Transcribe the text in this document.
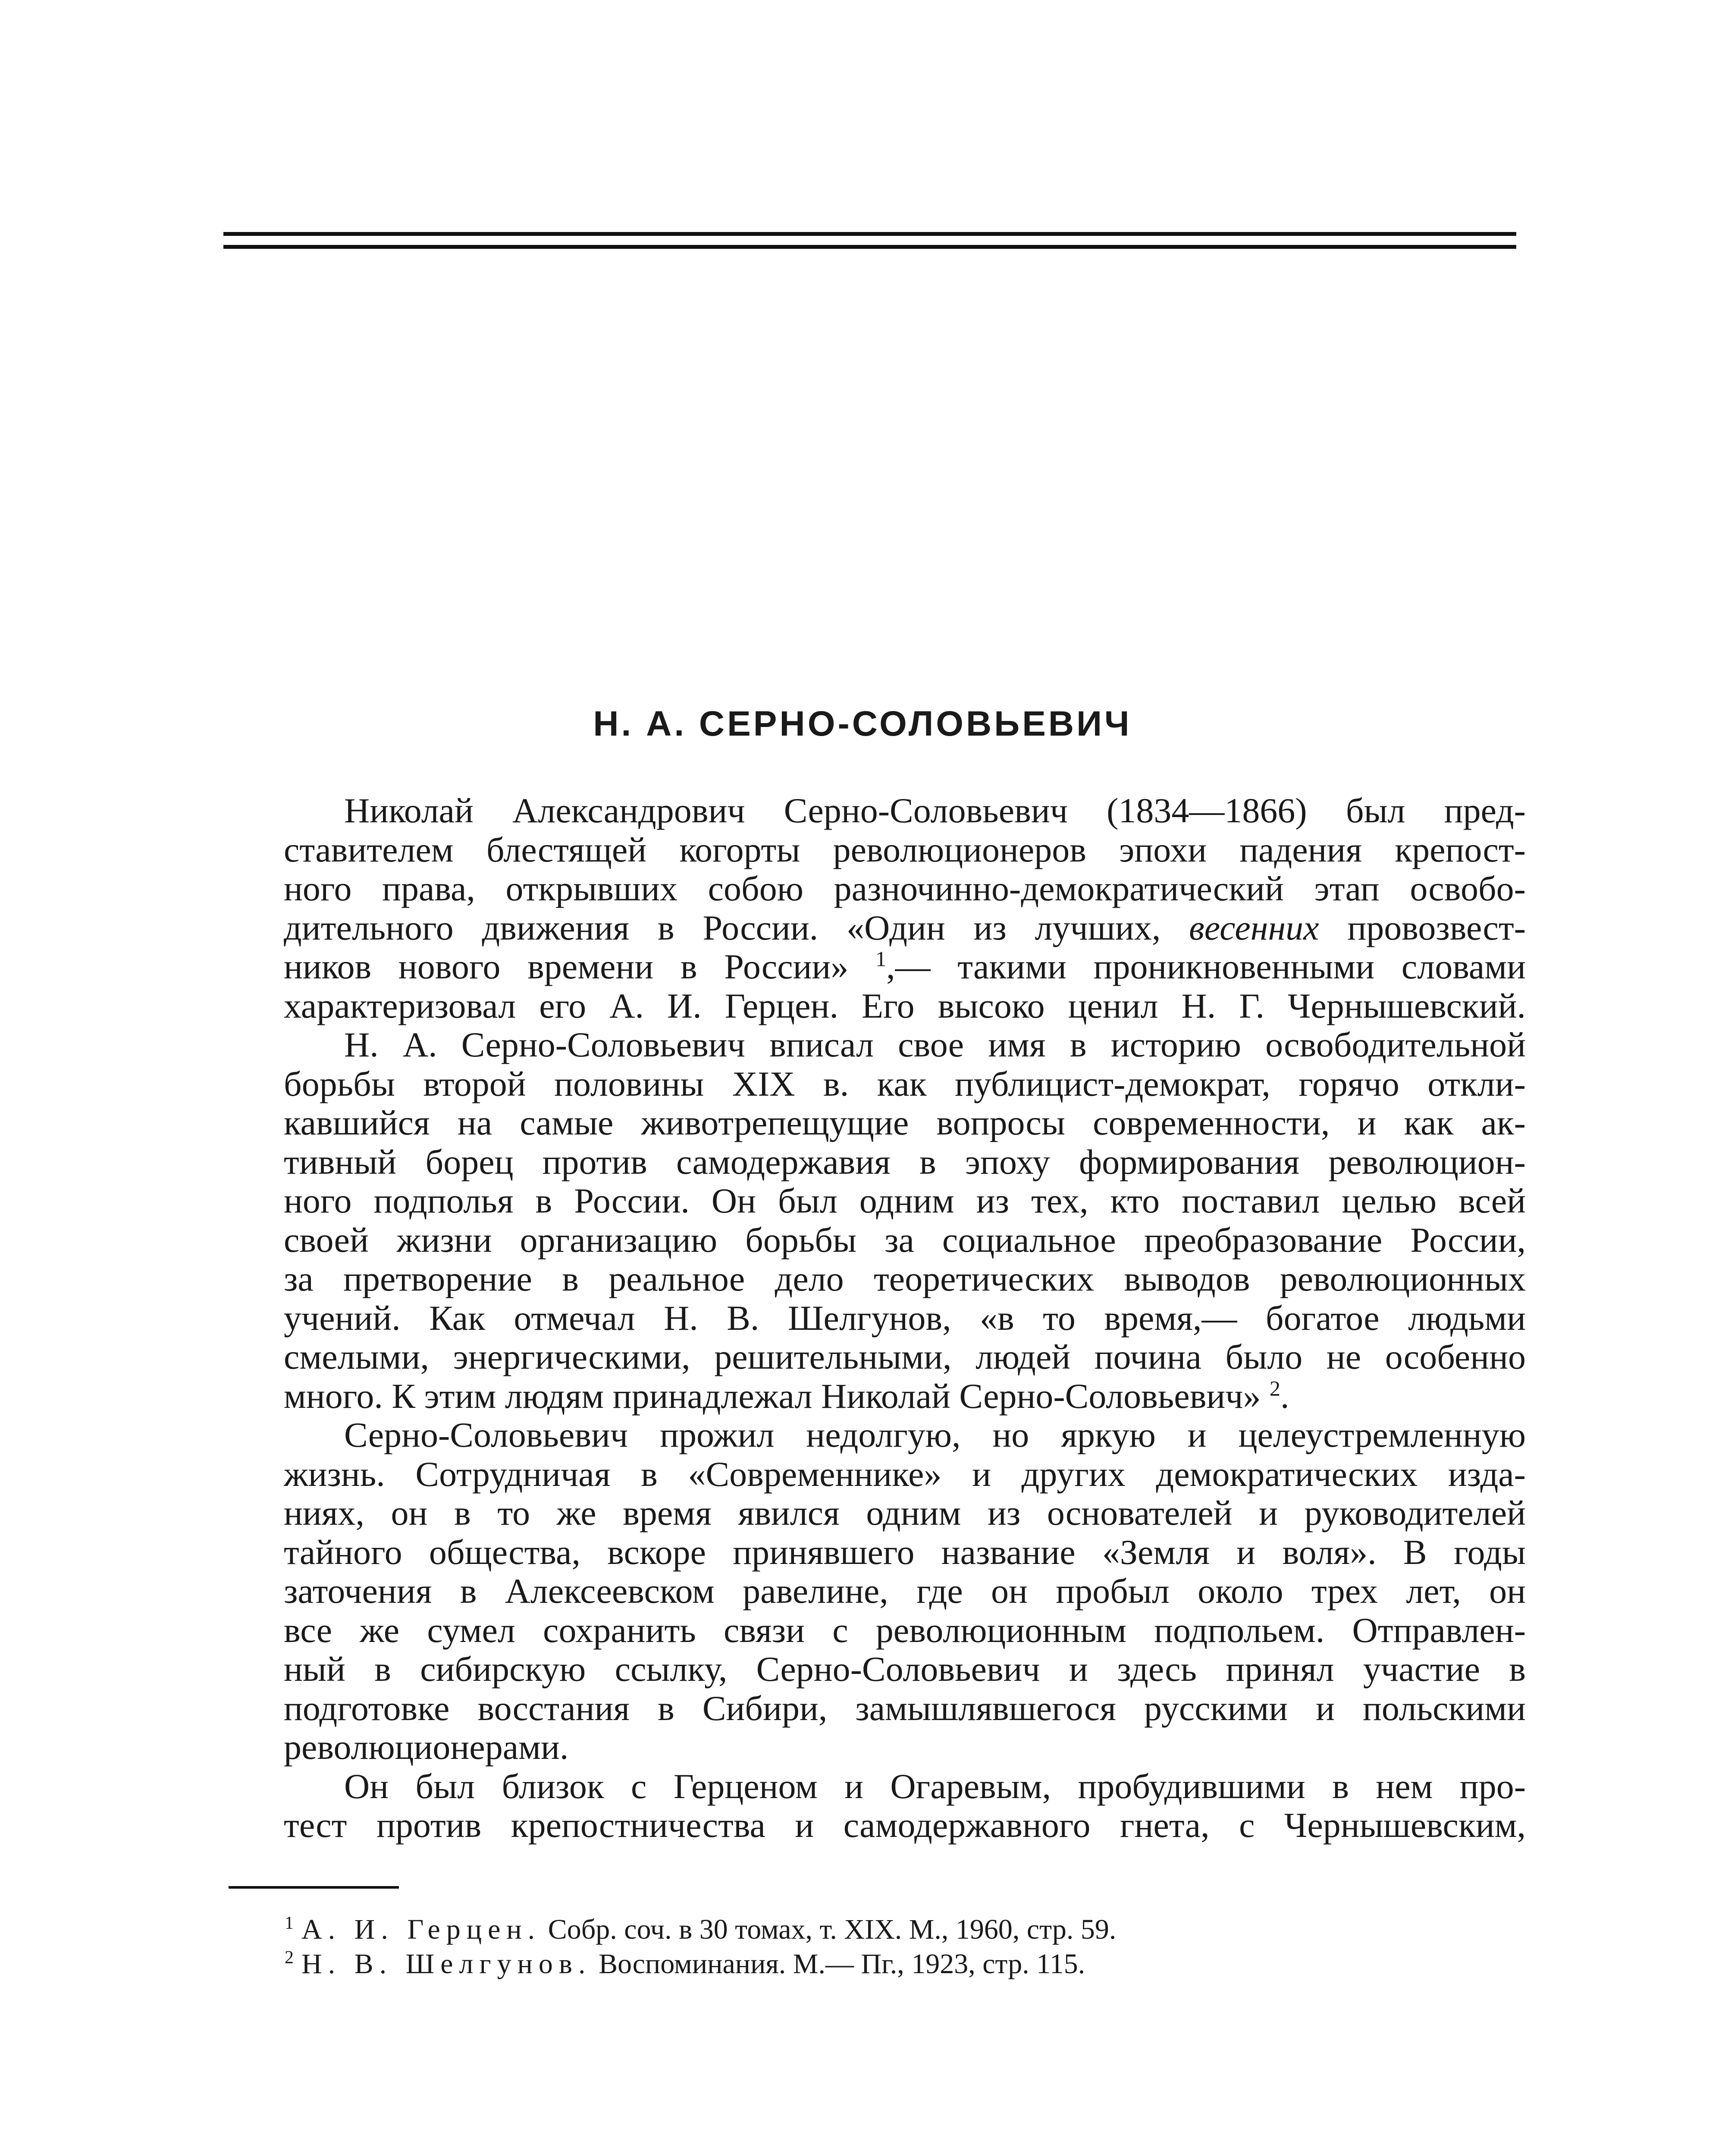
Н. А. СЕРНО-СОЛОВЬЕВИЧ

Николай Александрович Серно-Соловьевич (1834—1866) был пред-
ставителем блестящей когорты революционеров эпохи падения крепост-
ного права, открывших собою разночинно-демократический этап освобо-
дительного движения в России. «Один из лучших, весенних провозвест-
ников нового времени в России» $^1$,— такими проникновенными словами
характеризовал его А. И. Герцен. Его высоко ценил Н. Г. Чернышевский.

Н. А. Серно-Соловьевич вписал свое имя в историю освободительной
борьбы второй половины XIX в. как публицист-демократ, горячо откли-
кавшийся на самые животрепещущие вопросы современности, и как ак-
тивный борец против самодержавия в эпоху формирования революцион-
ного подполья в России. Он был одним из тех, кто поставил целью всей
своей жизни организацию борьбы за социальное преобразование России,
за претворение в реальное дело теоретических выводов революционных
учений. Как отмечал Н. В. Шелгунов, «в то время,— богатое людьми
смелыми, энергическими, решительными, людей почина было не особенно
много. К этим людям принадлежал Николай Серно-Соловьевич» $^2$.

Серно-Соловьевич прожил недолгую, но яркую и целеустремленную
жизнь. Сотрудничая в «Современнике» и других демократических изда-
ниях, он в то же время явился одним из основателей и руководителей
тайного общества, вскоре принявшего название «Земля и воля». В годы
заточения в Алексеевском равелине, где он пробыл около трех лет, он
все же сумел сохранить связи с революционным подпольем. Отправлен-
ный в сибирскую ссылку, Серно-Соловьевич и здесь принял участие в
подготовке восстания в Сибири, замышлявшегося русскими и польскими
революционерами.

Он был близок с Герценом и Огаревым, пробудившими в нем про-
тест против крепостничества и самодержавного гнета, с Чернышевским,

$^1$ А. И. Герцен. Собр. соч. в 30 томах, т. XIX. М., 1960, стр. 59.
$^2$ Н. В. Шелгунов. Воспоминания. М.— Пг., 1923, стр. 115.
